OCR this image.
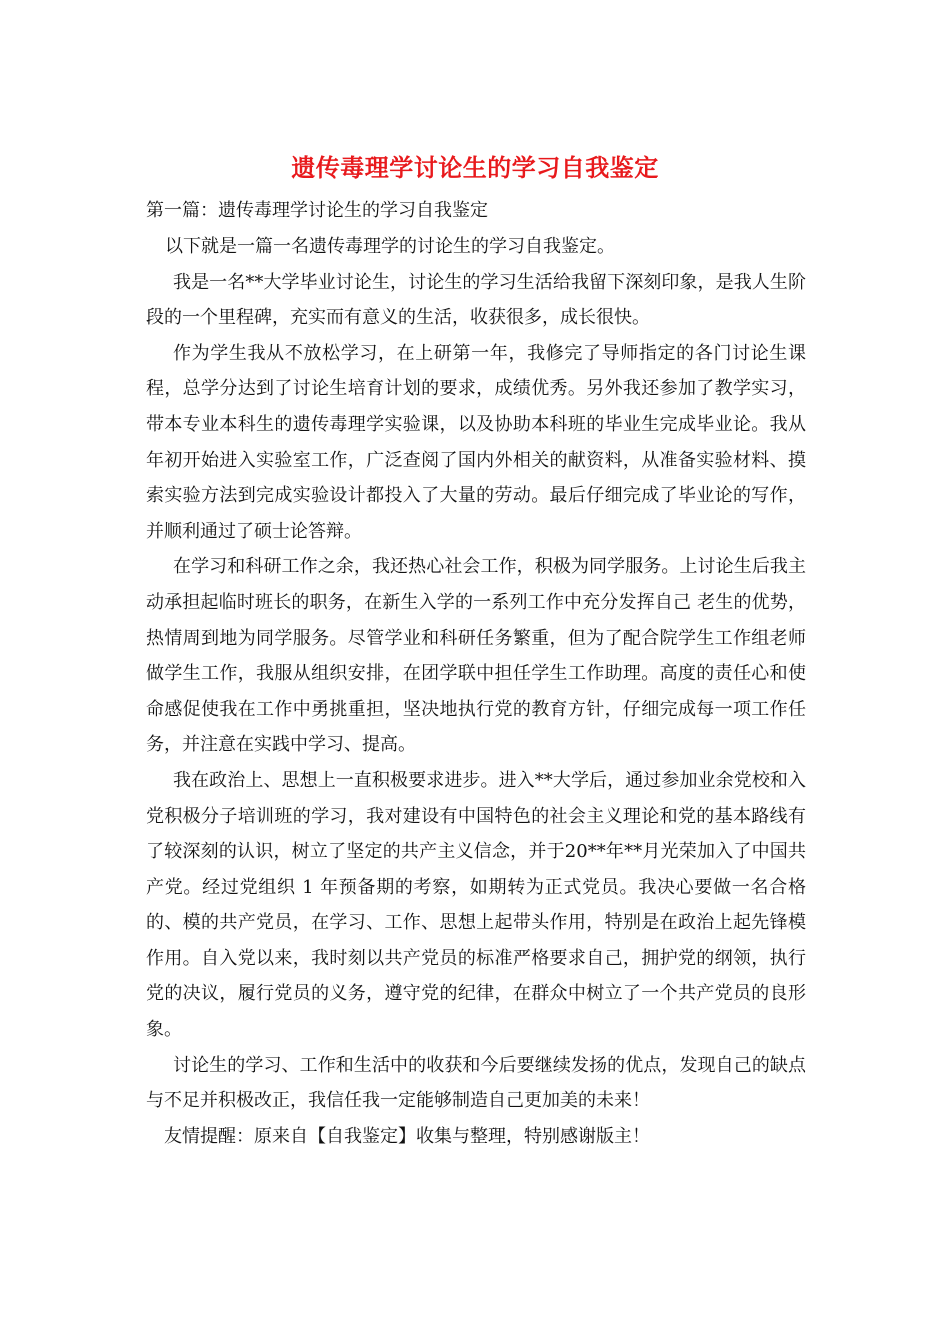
遗传毒理学讨论生的学习自我鉴定
第一篇：遗传毒理学讨论生的学习自我鉴定

以下就是一篇一名遗传毒理学的讨论生的学习自我鉴定。

我是一名**大学毕业讨论生，讨论生的学习生活给我留下深刻印象，是我人生阶段的一个里程碑，充实而有意义的生活，收获很多，成长很快。

作为学生我从不放松学习，在上研第一年，我修完了导师指定的各门讨论生课程，总学分达到了讨论生培育计划的要求，成绩优秀。另外我还参加了教学实习，带本专业本科生的遗传毒理学实验课，以及协助本科班的毕业生完成毕业论。我从年初开始进入实验室工作，广泛查阅了国内外相关的献资料，从准备实验材料、摸索实验方法到完成实验设计都投入了大量的劳动。最后仔细完成了毕业论的写作，并顺利通过了硕士论答辩。

在学习和科研工作之余，我还热心社会工作，积极为同学服务。上讨论生后我主动承担起临时班长的职务，在新生入学的一系列工作中充分发挥自己 老生的优势，热情周到地为同学服务。尽管学业和科研任务繁重，但为了配合院学生工作组老师做学生工作，我服从组织安排，在团学联中担任学生工作助理。高度的责任心和使命感促使我在工作中勇挑重担，坚决地执行党的教育方针，仔细完成每一项工作任务，并注意在实践中学习、提高。

我在政治上、思想上一直积极要求进步。进入**大学后，通过参加业余党校和入党积极分子培训班的学习，我对建设有中国特色的社会主义理论和党的基本路线有了较深刻的认识，树立了坚定的共产主义信念，并于20**年**月光荣加入了中国共产党。经过党组织 1 年预备期的考察，如期转为正式党员。我决心要做一名合格的、模的共产党员，在学习、工作、思想上起带头作用，特别是在政治上起先锋模作用。自入党以来，我时刻以共产党员的标准严格要求自己，拥护党的纲领，执行党的决议，履行党员的义务，遵守党的纪律，在群众中树立了一个共产党员的良形象。

讨论生的学习、工作和生活中的收获和今后要继续发扬的优点，发现自己的缺点与不足并积极改正，我信任我一定能够制造自己更加美的未来！

友情提醒：原来自【自我鉴定】收集与整理，特别感谢版主！
